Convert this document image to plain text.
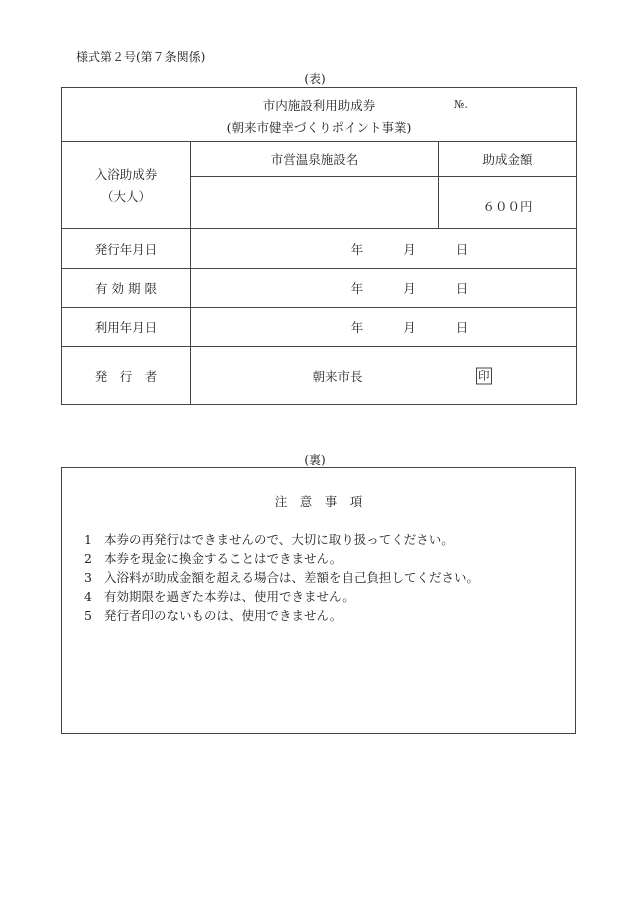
様式第２号(第７条関係)
(表)
市内施設利用助成券
(朝来市健幸づくりポイント事業)
№.		

入浴助成券
（大人）	市営温泉施設名	助成金額
		６００円
発行年月日	年 月 日	
有 効 期 限	年 月 日	
利用年月日	年 月 日	
発　行　者	朝来市長 印	
(裏)
注　意　事　項
1 本券の再発行はできませんので、大切に取り扱ってください。
2 本券を現金に換金することはできません。
3 入浴料が助成金額を超える場合は、差額を自己負担してください。
4 有効期限を過ぎた本券は、使用できません。
5 発行者印のないものは、使用できません。
